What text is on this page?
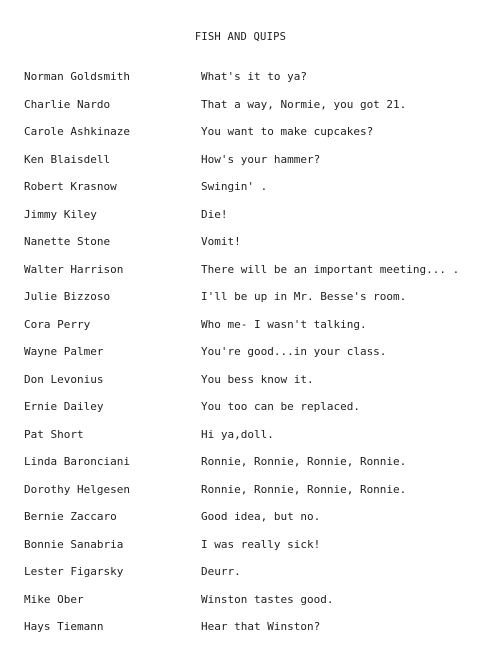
FISH AND QUIPS
Norman Goldsmith	What's it to ya?
Charlie Nardo	That a way, Normie, you got 21.
Carole Ashkinaze	You want to make cupcakes?
Ken Blaisdell	How's your hammer?
Robert Krasnow	Swingin' .
Jimmy Kiley	Die!
Nanette Stone	Vomit!
Walter Harrison	There will be an important meeting... .
Julie Bizzoso	I'll be up in Mr. Besse's room.
Cora Perry	Who me- I wasn't talking.
Wayne Palmer	You're good...in your class.
Don Levonius	You bess know it.
Ernie Dailey	You too can be replaced.
Pat Short	Hi ya,doll.
Linda Baronciani	Ronnie, Ronnie, Ronnie, Ronnie.
Dorothy Helgesen	Ronnie, Ronnie, Ronnie, Ronnie.
Bernie Zaccaro	Good idea, but no.
Bonnie Sanabria	I was really sick!
Lester Figarsky	Deurr.
Mike Ober	Winston tastes good.
Hays Tiemann	Hear that Winston?
